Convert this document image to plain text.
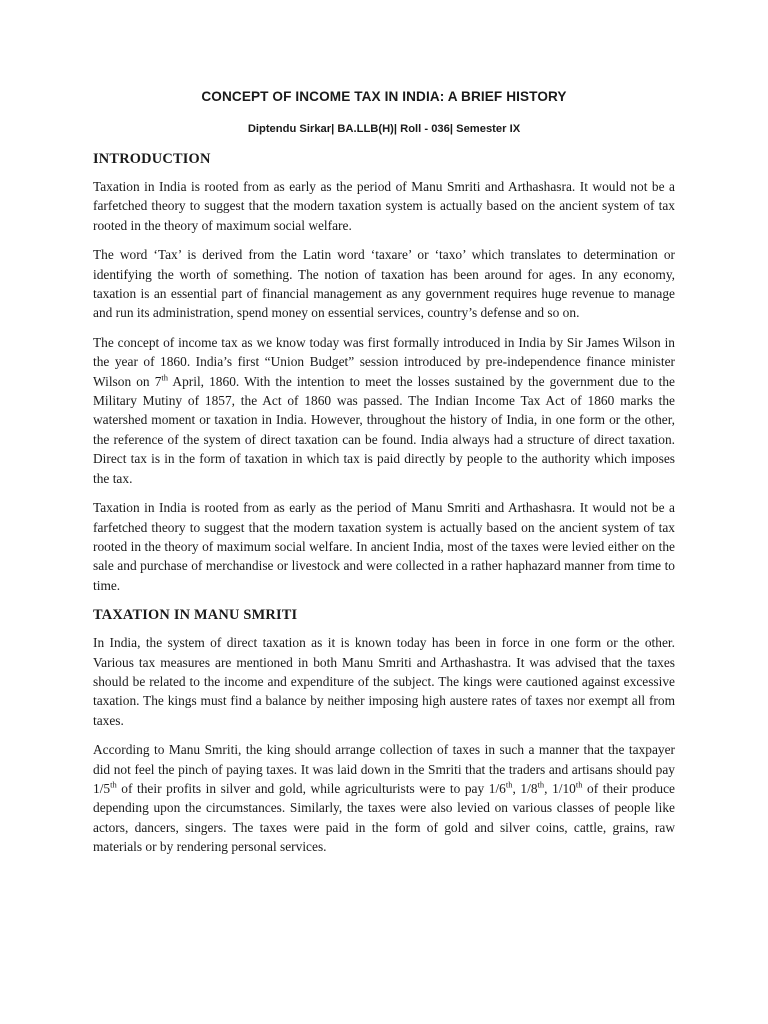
CONCEPT OF INCOME TAX IN INDIA: A BRIEF HISTORY
Diptendu Sirkar| BA.LLB(H)| Roll - 036| Semester IX
INTRODUCTION

Taxation in India is rooted from as early as the period of Manu Smriti and Arthashasra. It would not be a farfetched theory to suggest that the modern taxation system is actually based on the ancient system of tax rooted in the theory of maximum social welfare.

The word ‘Tax’ is derived from the Latin word ‘taxare’ or ‘taxo’ which translates to determination or identifying the worth of something. The notion of taxation has been around for ages. In any economy, taxation is an essential part of financial management as any government requires huge revenue to manage and run its administration, spend money on essential services, country’s defense and so on.

The concept of income tax as we know today was first formally introduced in India by Sir James Wilson in the year of 1860. India’s first “Union Budget” session introduced by pre-independence finance minister Wilson on 7th April, 1860. With the intention to meet the losses sustained by the government due to the Military Mutiny of 1857, the Act of 1860 was passed. The Indian Income Tax Act of 1860 marks the watershed moment or taxation in India. However, throughout the history of India, in one form or the other, the reference of the system of direct taxation can be found. India always had a structure of direct taxation. Direct tax is in the form of taxation in which tax is paid directly by people to the authority which imposes the tax.

Taxation in India is rooted from as early as the period of Manu Smriti and Arthashasra. It would not be a farfetched theory to suggest that the modern taxation system is actually based on the ancient system of tax rooted in the theory of maximum social welfare. In ancient India, most of the taxes were levied either on the sale and purchase of merchandise or livestock and were collected in a rather haphazard manner from time to time.

TAXATION IN MANU SMRITI

In India, the system of direct taxation as it is known today has been in force in one form or the other. Various tax measures are mentioned in both Manu Smriti and Arthashastra. It was advised that the taxes should be related to the income and expenditure of the subject. The kings were cautioned against excessive taxation. The kings must find a balance by neither imposing high austere rates of taxes nor exempt all from taxes.

According to Manu Smriti, the king should arrange collection of taxes in such a manner that the taxpayer did not feel the pinch of paying taxes. It was laid down in the Smriti that the traders and artisans should pay 1/5th of their profits in silver and gold, while agriculturists were to pay 1/6th, 1/8th, 1/10th of their produce depending upon the circumstances. Similarly, the taxes were also levied on various classes of people like actors, dancers, singers. The taxes were paid in the form of gold and silver coins, cattle, grains, raw materials or by rendering personal services.
